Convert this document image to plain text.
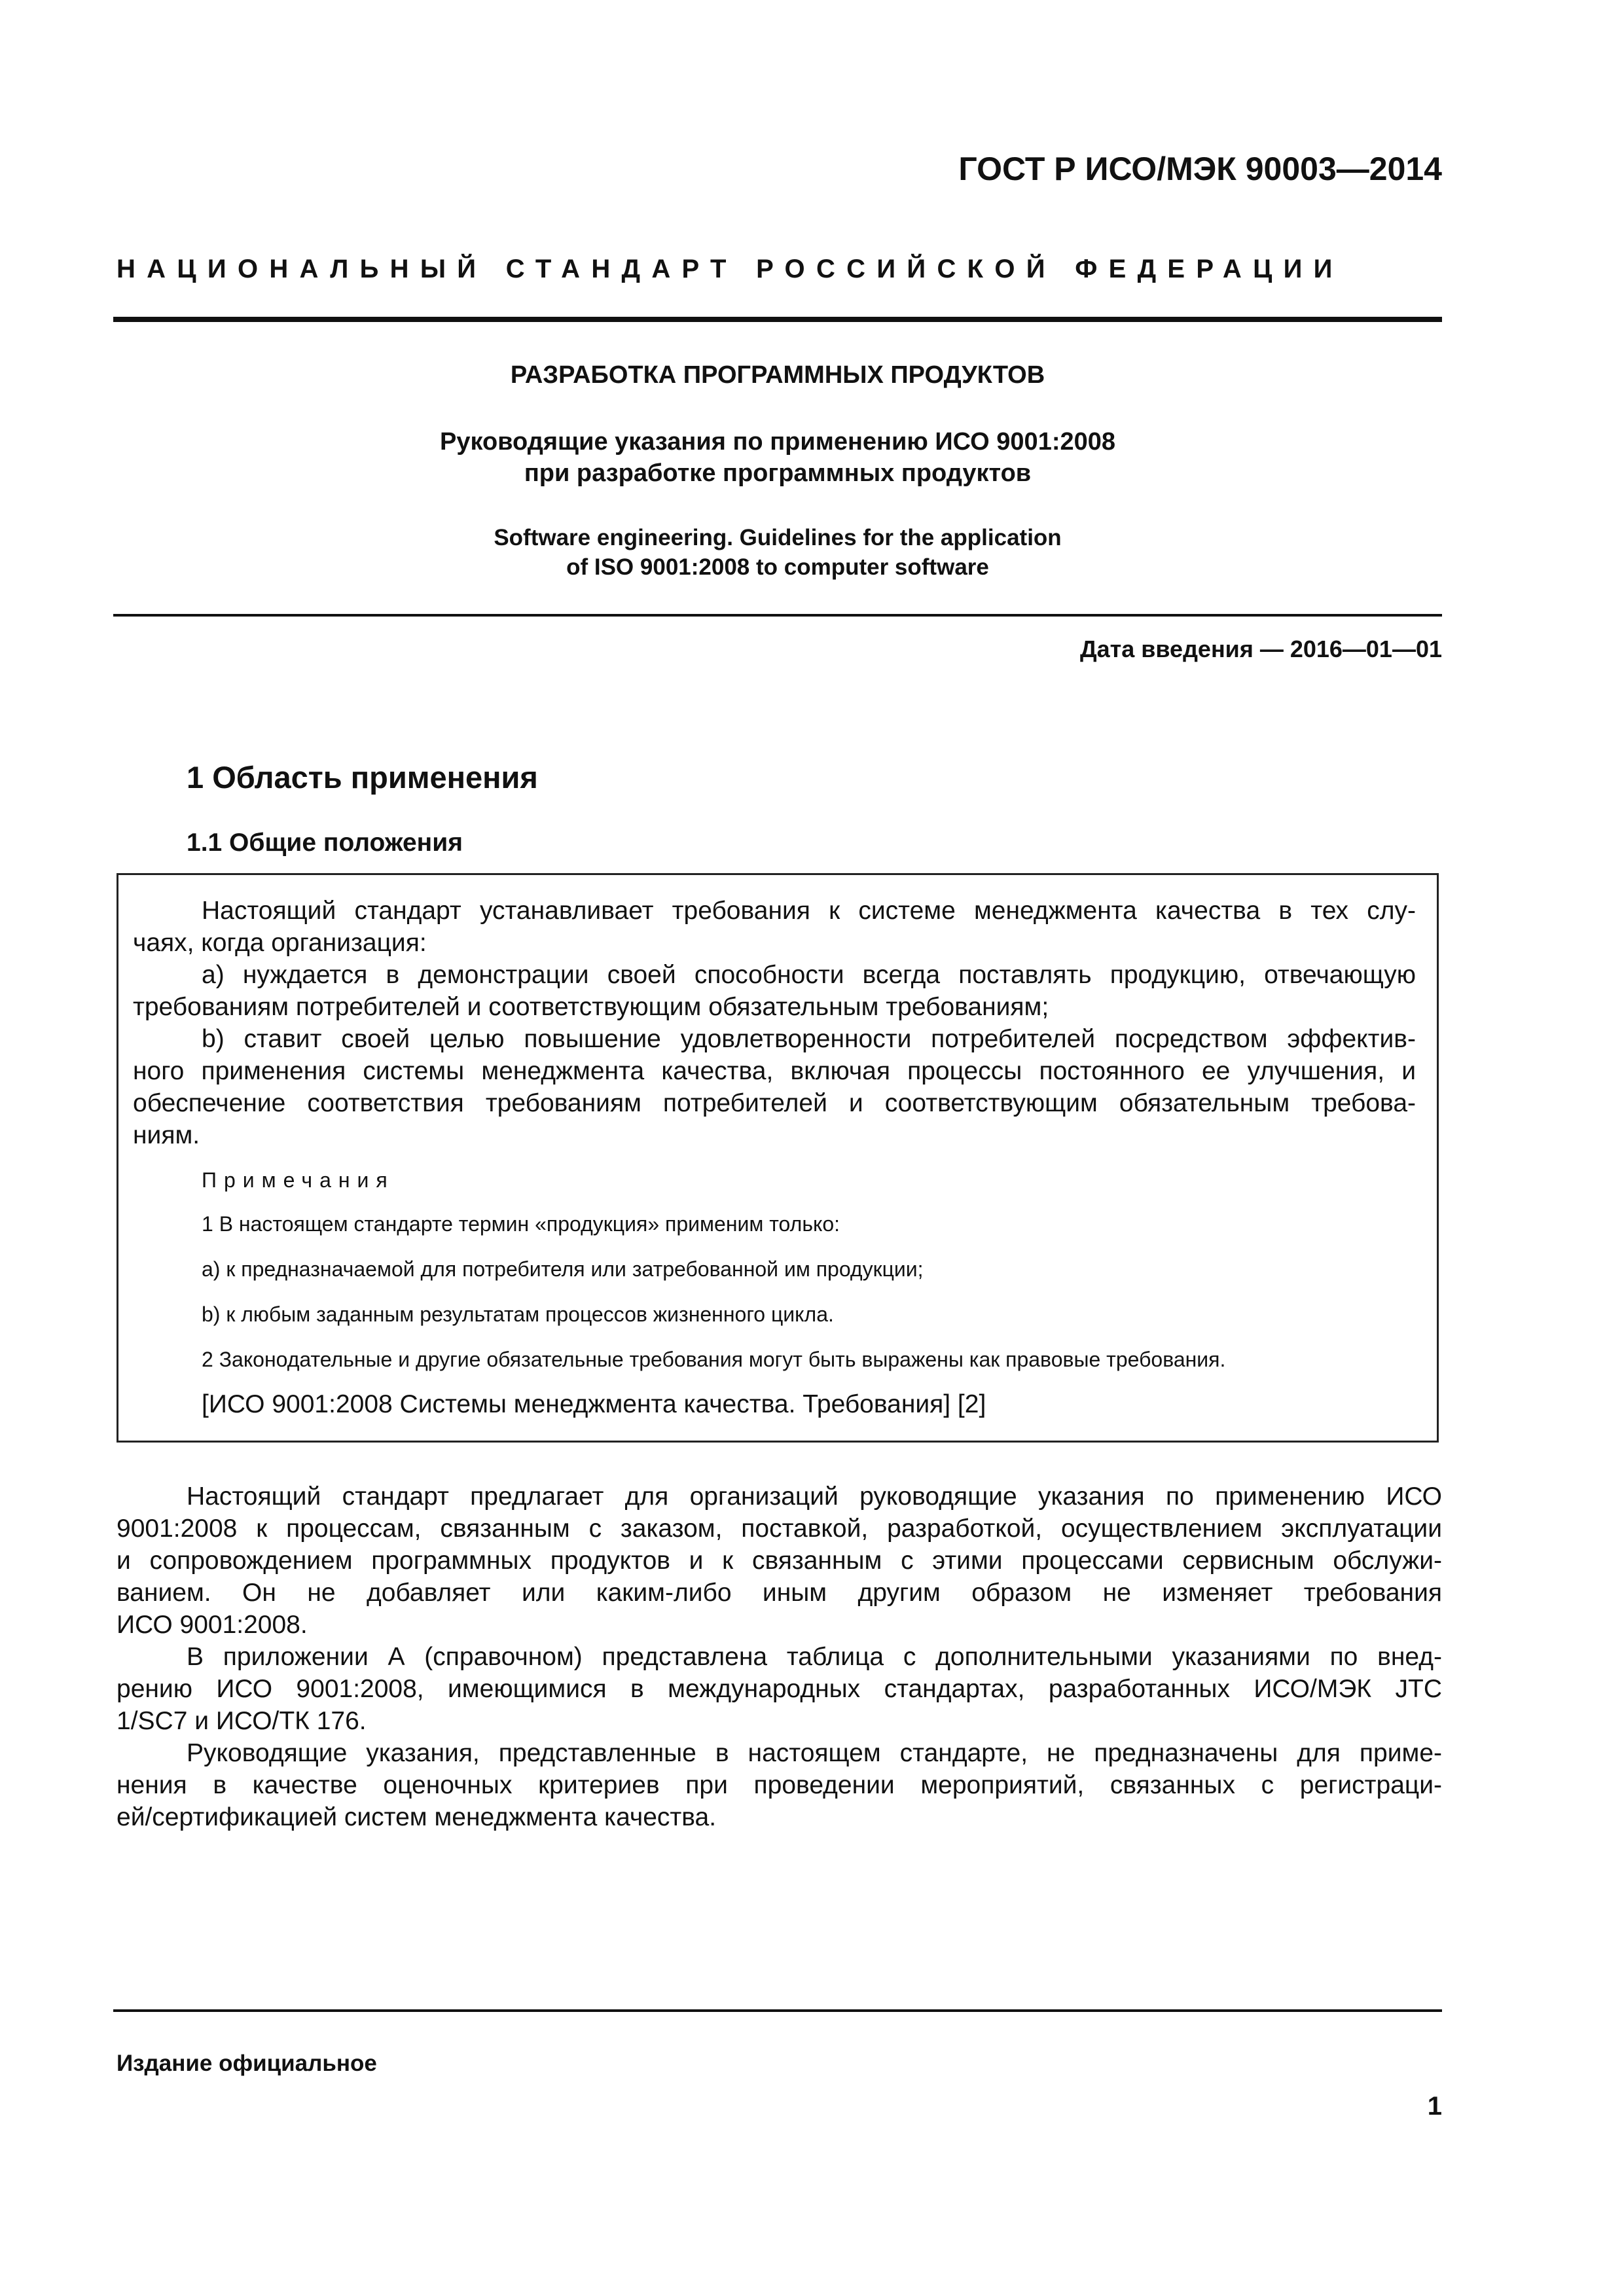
ГОСТ Р ИСО/МЭК 90003—2014
НАЦИОНАЛЬНЫЙ СТАНДАРТ РОССИЙСКОЙ ФЕДЕРАЦИИ
РАЗРАБОТКА ПРОГРАММНЫХ ПРОДУКТОВ
Руководящие указания по применению ИСО 9001:2008
при разработке программных продуктов
Software engineering. Guidelines for the application
of ISO 9001:2008 to computer software
Дата введения — 2016—01—01
1 Область применения
1.1 Общие положения
Настоящий стандарт устанавливает требования к системе менеджмента качества в тех слу-
чаях, когда организация:
a) нуждается в демонстрации своей способности всегда поставлять продукцию, отвечающую
требованиям потребителей и соответствующим обязательным требованиям;
b) ставит своей целью повышение удовлетворенности потребителей посредством эффектив-
ного применения системы менеджмента качества, включая процессы постоянного ее улучшения, и
обеспечение соответствия требованиям потребителей и соответствующим обязательным требова-
ниям.
Примечания
1 В настоящем стандарте термин «продукция» применим только:
a) к предназначаемой для потребителя или затребованной им продукции;
b) к любым заданным результатам процессов жизненного цикла.
2 Законодательные и другие обязательные требования могут быть выражены как правовые требования.
[ИСО 9001:2008 Системы менеджмента качества. Требования] [2]
Настоящий стандарт предлагает для организаций руководящие указания по применению ИСО
9001:2008 к процессам, связанным с заказом, поставкой, разработкой, осуществлением эксплуатации
и сопровождением программных продуктов и к связанным с этими процессами сервисным обслужи-
ванием. Он не добавляет или каким-либо иным другим образом не изменяет требования
ИСО 9001:2008.
В приложении А (справочном) представлена таблица с дополнительными указаниями по внед-
рению ИСО 9001:2008, имеющимися в международных стандартах, разработанных ИСО/МЭК JTC
1/SC7 и ИСО/ТК 176.
Руководящие указания, представленные в настоящем стандарте, не предназначены для приме-
нения в качестве оценочных критериев при проведении мероприятий, связанных с регистраци-
ей/сертификацией систем менеджмента качества.
Издание официальное
1
